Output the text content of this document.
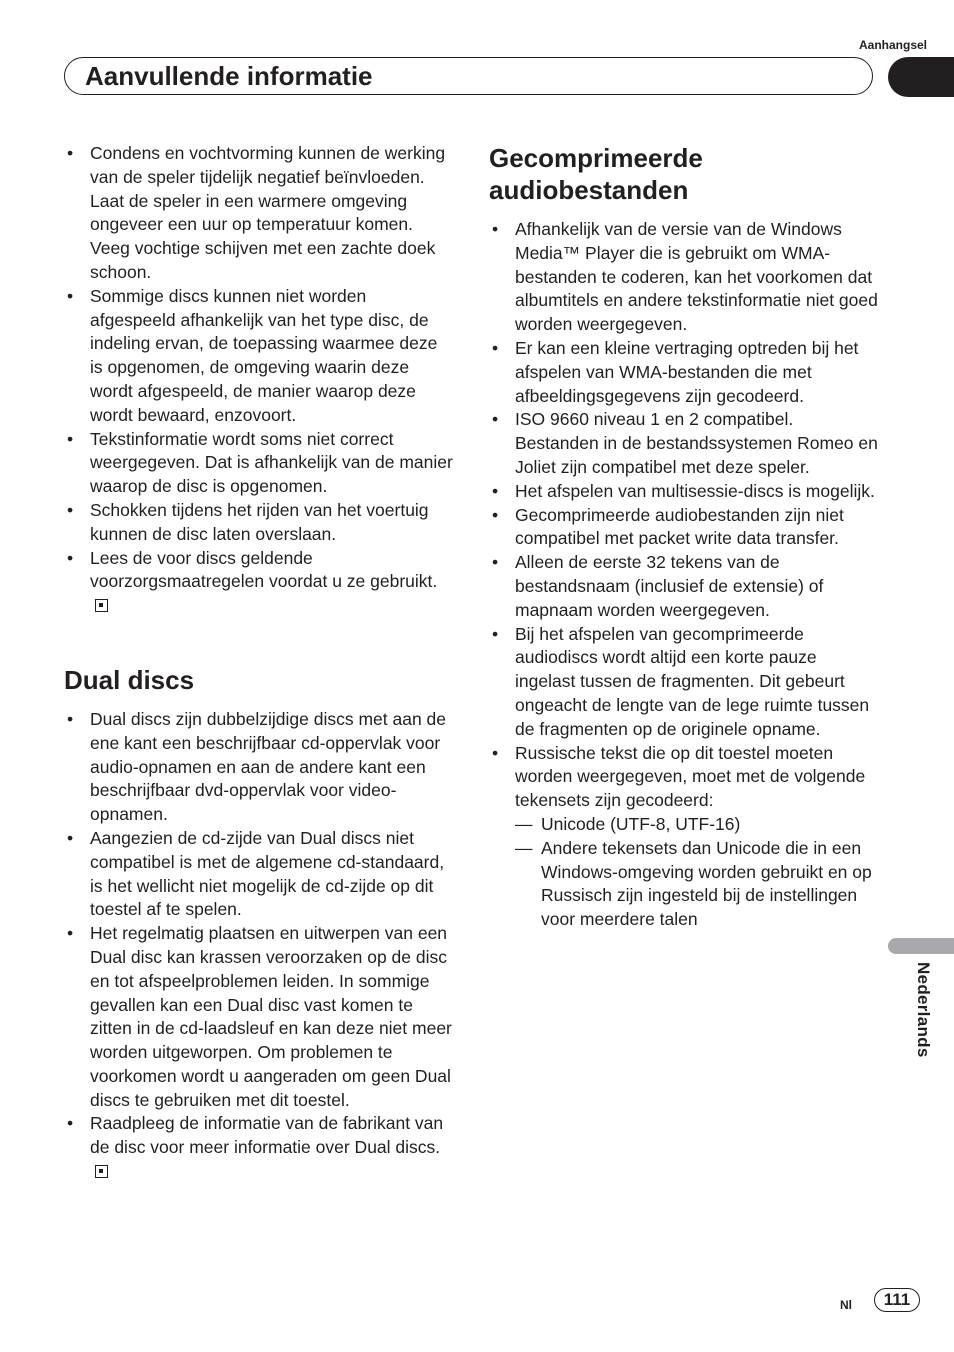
Aanhangsel
Aanvullende informatie
• Condens en vochtvorming kunnen de werking van de speler tijdelijk negatief beïnvloeden. Laat de speler in een warmere omgeving ongeveer een uur op temperatuur komen. Veeg vochtige schijven met een zachte doek schoon.
• Sommige discs kunnen niet worden afgespeeld afhankelijk van het type disc, de indeling ervan, de toepassing waarmee deze is opgenomen, de omgeving waarin deze wordt afgespeeld, de manier waarop deze wordt bewaard, enzovoort.
• Tekstinformatie wordt soms niet correct weergegeven. Dat is afhankelijk van de manier waarop de disc is opgenomen.
• Schokken tijdens het rijden van het voertuig kunnen de disc laten overslaan.
• Lees de voor discs geldende voorzorgsmaatregelen voordat u ze gebruikt.
Dual discs
• Dual discs zijn dubbelzijdige discs met aan de ene kant een beschrijfbaar cd-oppervlak voor audio-opnamen en aan de andere kant een beschrijfbaar dvd-oppervlak voor video-opnamen.
• Aangezien de cd-zijde van Dual discs niet compatibel is met de algemene cd-standaard, is het wellicht niet mogelijk de cd-zijde op dit toestel af te spelen.
• Het regelmatig plaatsen en uitwerpen van een Dual disc kan krassen veroorzaken op de disc en tot afspeelproblemen leiden. In sommige gevallen kan een Dual disc vast komen te zitten in de cd-laadsleuf en kan deze niet meer worden uitgeworpen. Om problemen te voorkomen wordt u aangeraden om geen Dual discs te gebruiken met dit toestel.
• Raadpleeg de informatie van de fabrikant van de disc voor meer informatie over Dual discs.
Gecomprimeerde audiobestanden
• Afhankelijk van de versie van de Windows Media™ Player die is gebruikt om WMA-bestanden te coderen, kan het voorkomen dat albumtitels en andere tekstinformatie niet goed worden weergegeven.
• Er kan een kleine vertraging optreden bij het afspelen van WMA-bestanden die met afbeeldingsgegevens zijn gecodeerd.
• ISO 9660 niveau 1 en 2 compatibel. Bestanden in de bestandssystemen Romeo en Joliet zijn compatibel met deze speler.
• Het afspelen van multisessie-discs is mogelijk.
• Gecomprimeerde audiobestanden zijn niet compatibel met packet write data transfer.
• Alleen de eerste 32 tekens van de bestandsnaam (inclusief de extensie) of mapnaam worden weergegeven.
• Bij het afspelen van gecomprimeerde audiodiscs wordt altijd een korte pauze ingelast tussen de fragmenten. Dit gebeurt ongeacht de lengte van de lege ruimte tussen de fragmenten op de originele opname.
• Russische tekst die op dit toestel moeten worden weergegeven, moet met de volgende tekensets zijn gecodeerd:
— Unicode (UTF-8, UTF-16)
— Andere tekensets dan Unicode die in een Windows-omgeving worden gebruikt en op Russisch zijn ingesteld bij de instellingen voor meerdere talen
Nederlands
Nl	111
